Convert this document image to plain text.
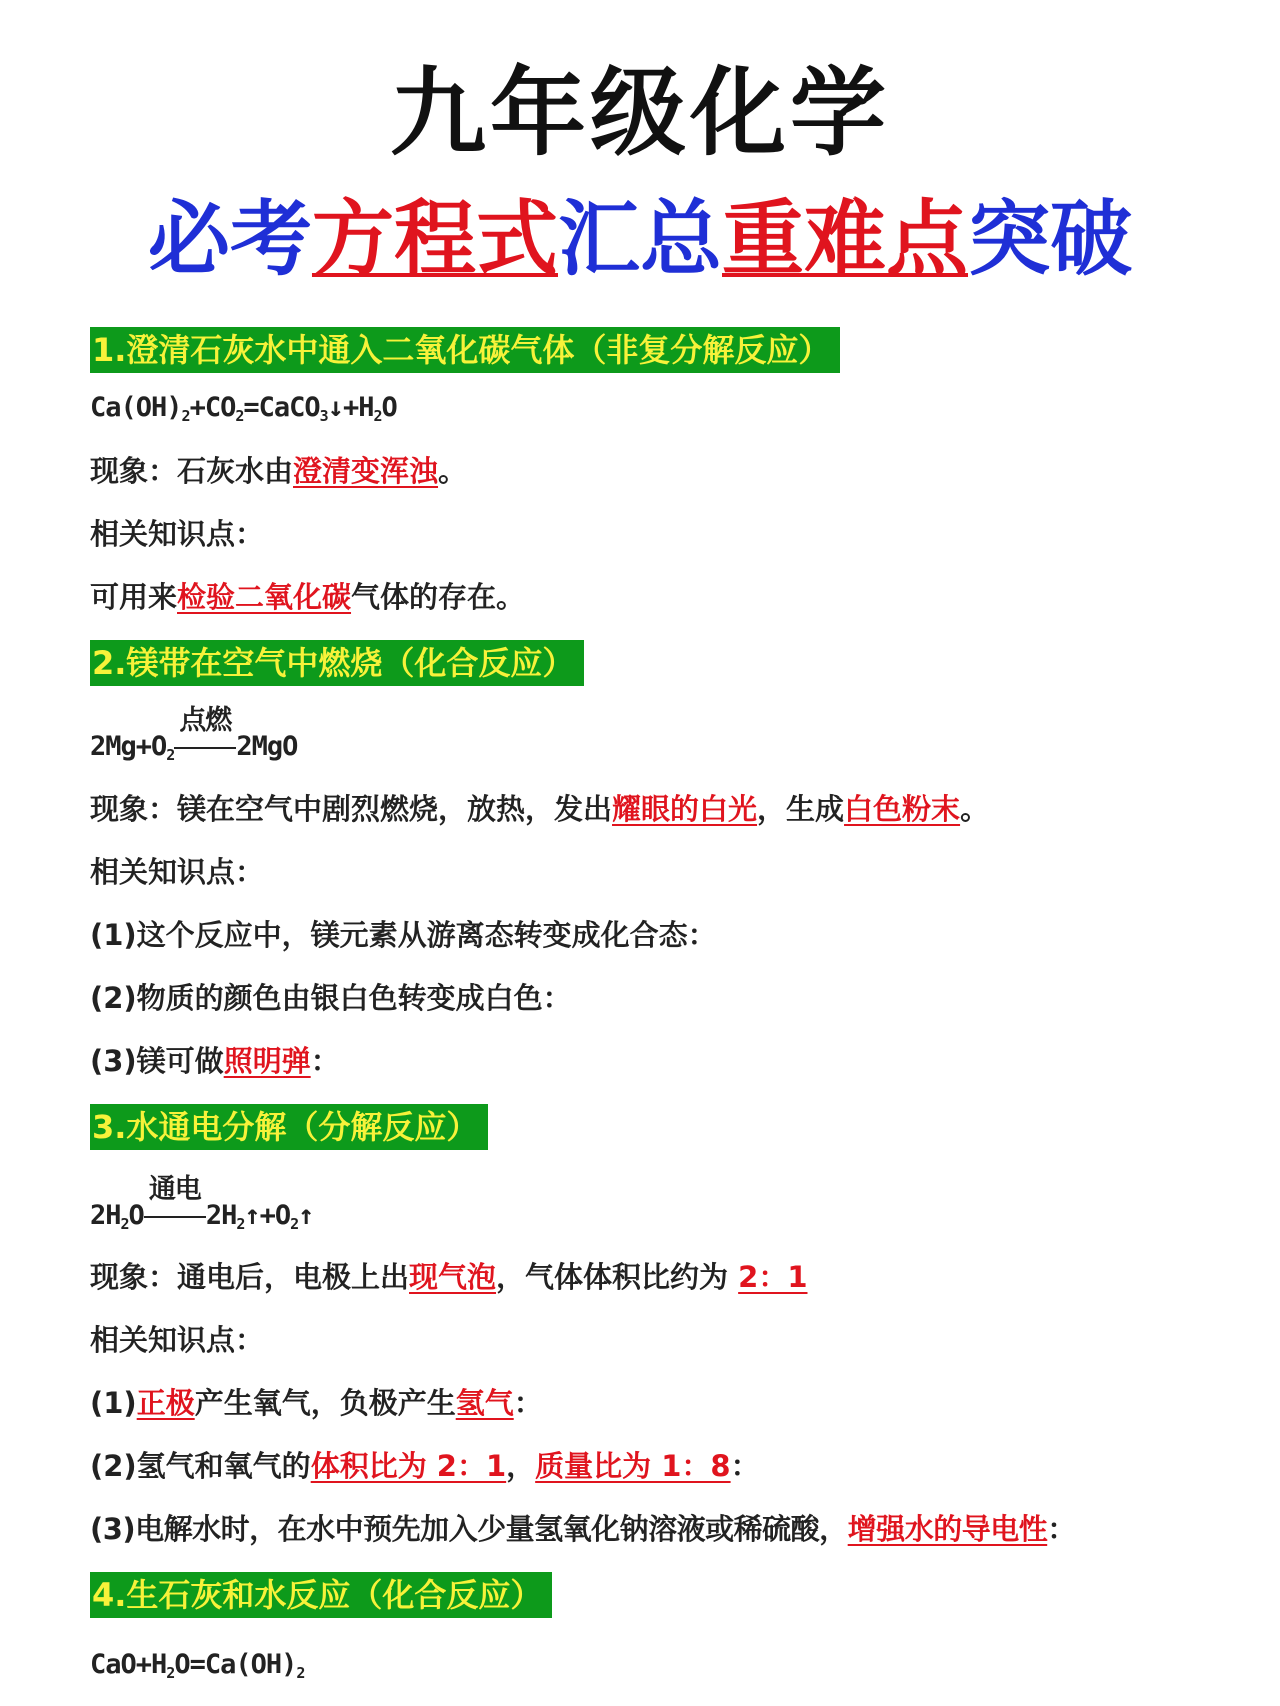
九年级化学
必考方程式汇总重难点突破
1.澄清石灰水中通入二氧化碳气体（非复分解反应）
$Ca(OH)_2+CO_2=CaCO_3↓+H_2O$
现象：石灰水由澄清变浑浊。
相关知识点：
可用来检验二氧化碳气体的存在。
2.镁带在空气中燃烧（化合反应）
$2Mg+O_2$
点燃
2MgO
现象：镁在空气中剧烈燃烧，放热，发出耀眼的白光，生成白色粉末。
相关知识点：
(1)这个反应中，镁元素从游离态转变成化合态：
(2)物质的颜色由银白色转变成白色：
(3)镁可做照明弹：
3.水通电分解（分解反应）
$2H_2O$
通电
$2H_2↑+O_2↑$
现象：通电后，电极上出现气泡，气体体积比约为 2：1
相关知识点：
(1)正极产生氧气，负极产生氢气：
(2)氢气和氧气的体积比为 2：1，质量比为 1：8：
(3)电解水时，在水中预先加入少量氢氧化钠溶液或稀硫酸，增强水的导电性：
4.生石灰和水反应（化合反应）
$CaO+H_2O=Ca(OH)_2$
